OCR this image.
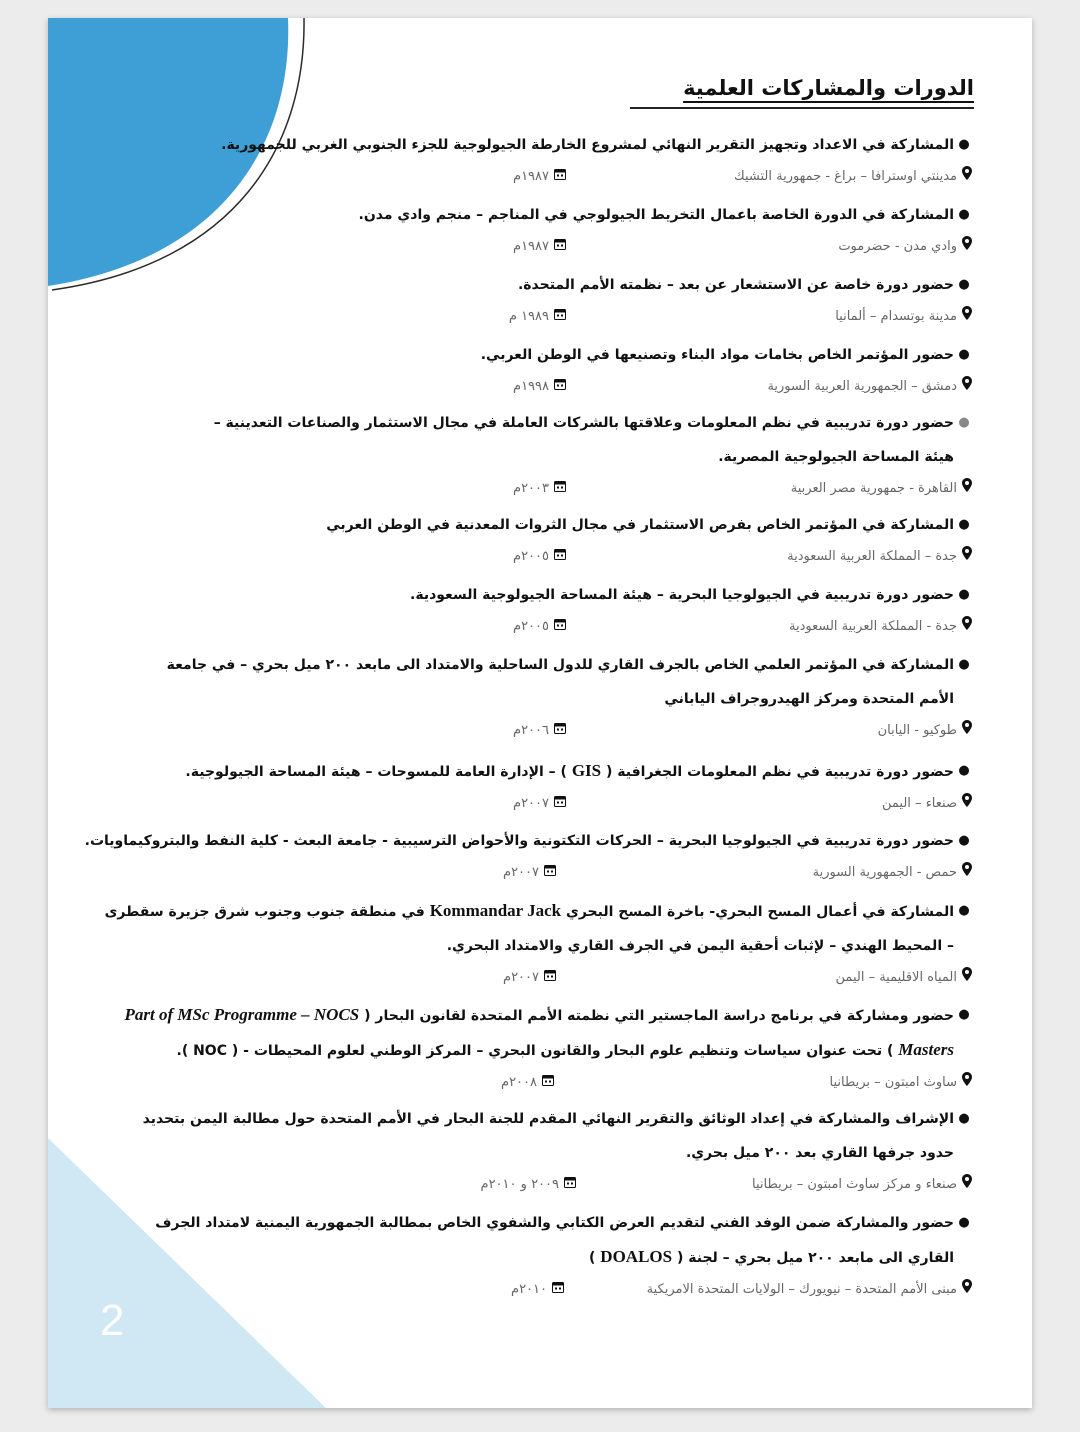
2
الدورات والمشاركات العلمية
●
المشاركة في الاعداد وتجهيز التقرير النهائي لمشروع الخارطة الجيولوجية للجزء الجنوبي الغربي للجمهورية.
مدينتي اوسترافا – براغ - جمهورية التشيك
١٩٨٧م
●
المشاركة في الدورة الخاصة باعمال التخريط الجيولوجي في المناجم – منجم وادي مدن.
وادي مدن - حضرموت
١٩٨٧م
●
حضور دورة خاصة عن الاستشعار عن بعد – نظمته الأمم المتحدة.
مدينة بوتسدام – ألمانيا
١٩٨٩ م
●
حضور المؤتمر الخاص بخامات مواد البناء وتصنيعها في الوطن العربي.
دمشق – الجمهورية العربية السورية
١٩٩٨م
●
حضور دورة تدريبية في نظم المعلومات وعلاقتها بالشركات العاملة في مجال الاستثمار والصناعات التعدينية – هيئة المساحة الجيولوجية المصرية.
القاهرة - جمهورية مصر العربية
٢٠٠٣م
●
المشاركة في المؤتمر الخاص بفرص الاستثمار في مجال الثروات المعدنية في الوطن العربي
جدة – المملكة العربية السعودية
٢٠٠٥م
●
حضور دورة تدريبية في الجيولوجيا البحرية – هيئة المساحة الجيولوجية السعودية.
جدة - المملكة العربية السعودية
٢٠٠٥م
●
المشاركة في المؤتمر العلمي الخاص بالجرف القاري للدول الساحلية والامتداد الى مابعد ٢٠٠ ميل بحري – في جامعة الأمم المتحدة ومركز الهيدروجراف الياباني
طوكيو - اليابان
٢٠٠٦م
●
حضور دورة تدريبية في نظم المعلومات الجغرافية ( GIS ) – الإدارة العامة للمسوحات – هيئة المساحة الجيولوجية.
صنعاء – اليمن
٢٠٠٧م
●
حضور دورة تدريبية في الجيولوجيا البحرية – الحركات التكتونية والأحواض الترسيبية - جامعة البعث - كلية النفط والبتروكيماويات.
حمص - الجمهورية السورية
٢٠٠٧م
●
المشاركة في أعمال المسح البحري- باخرة المسح البحري Kommandar Jack في منطقة جنوب وجنوب شرق جزيرة سقطرى – المحيط الهندي – لإثبات أحقية اليمن في الجرف القاري والامتداد البحري.
المياه الاقليمية – اليمن
٢٠٠٧م
●
حضور ومشاركة في برنامج دراسة الماجستير التي نظمته الأمم المتحدة لقانون البحار ( Part of MSc Programme – NOCS Masters ) تحت عنوان سياسات وتنظيم علوم البحار والقانون البحري – المركز الوطني لعلوم المحيطات - ( NOC ).
ساوث امبتون – بريطانيا
٢٠٠٨م
●
الإشراف والمشاركة في إعداد الوثائق والتقرير النهائي المقدم للجنة البحار في الأمم المتحدة حول مطالبة اليمن بتحديد حدود جرفها القاري بعد ٢٠٠ ميل بحري.
صنعاء و مركز ساوث امبتون – بريطانيا
٢٠٠٩ و ٢٠١٠م
●
حضور والمشاركة ضمن الوفد الفني لتقديم العرض الكتابي والشفوي الخاص بمطالبة الجمهورية اليمنية لامتداد الجرف القاري الى مابعد ٢٠٠ ميل بحري – لجنة ( DOALOS )
مبنى الأمم المتحدة – نيويورك – الولايات المتحدة الامريكية
٢٠١٠م
